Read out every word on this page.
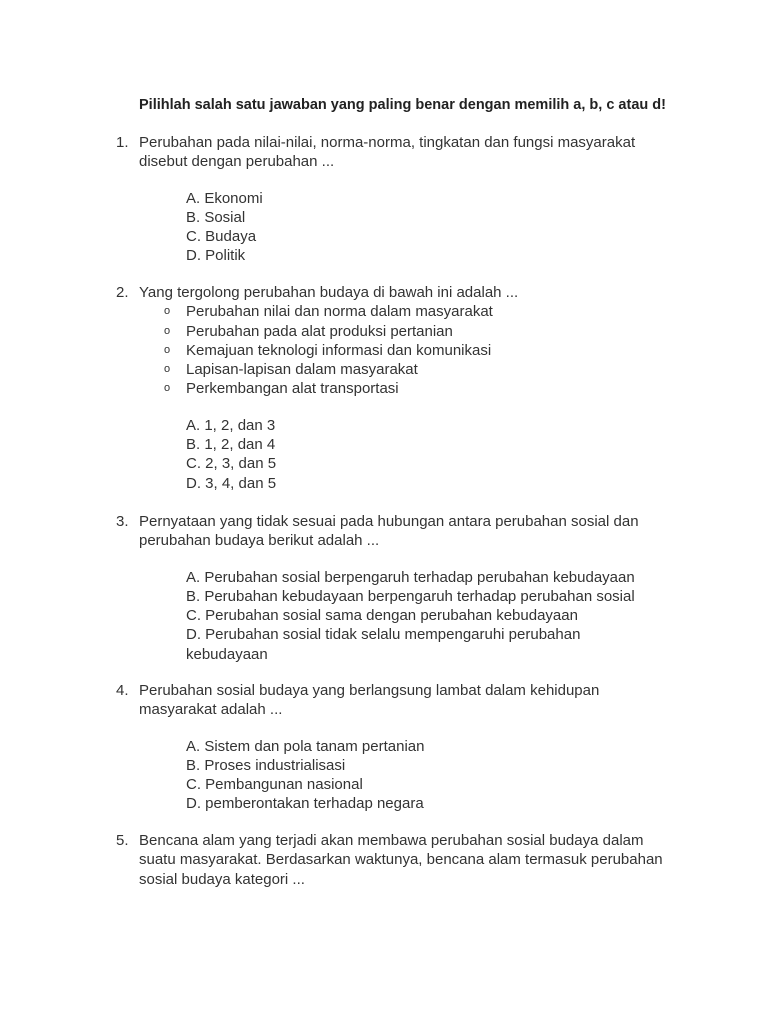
Pilihlah salah satu jawaban yang paling benar dengan memilih a, b, c atau d!
1. Perubahan pada nilai-nilai, norma-norma, tingkatan dan fungsi masyarakat disebut dengan perubahan ...
A. Ekonomi
B. Sosial
C. Budaya
D. Politik
2. Yang tergolong perubahan budaya di bawah ini adalah ...
o Perubahan nilai dan norma dalam masyarakat
o Perubahan pada alat produksi pertanian
o Kemajuan teknologi informasi dan komunikasi
o Lapisan-lapisan dalam masyarakat
o Perkembangan alat transportasi
A. 1, 2, dan 3
B. 1, 2, dan 4
C. 2, 3, dan 5
D. 3, 4, dan 5
3. Pernyataan yang tidak sesuai pada hubungan antara perubahan sosial dan perubahan budaya berikut adalah ...
A. Perubahan sosial berpengaruh terhadap perubahan kebudayaan
B. Perubahan kebudayaan berpengaruh terhadap perubahan sosial
C. Perubahan sosial sama dengan perubahan kebudayaan
D. Perubahan sosial tidak selalu mempengaruhi perubahan kebudayaan
4. Perubahan sosial budaya yang berlangsung lambat dalam kehidupan masyarakat adalah ...
A. Sistem dan pola tanam pertanian
B. Proses industrialisasi
C. Pembangunan nasional
D. pemberontakan terhadap negara
5. Bencana alam yang terjadi akan membawa perubahan sosial budaya dalam suatu masyarakat. Berdasarkan waktunya, bencana alam termasuk perubahan sosial budaya kategori ...
